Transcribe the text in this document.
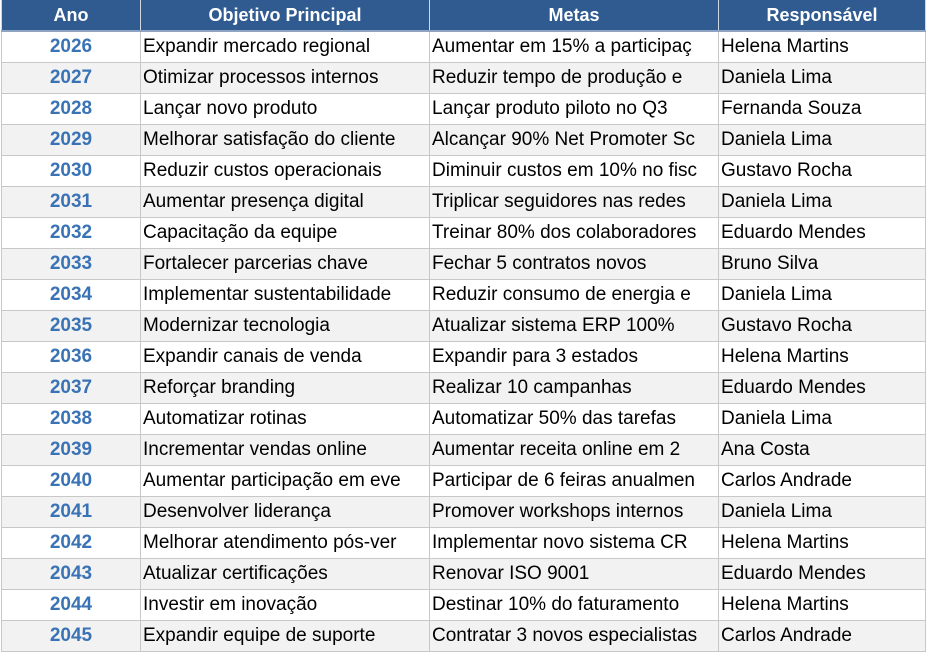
Ano	Objetivo Principal	Metas	Responsável
2026	Expandir mercado regional	Aumentar em 15% a participaç	Helena Martins
2027	Otimizar processos internos	Reduzir tempo de produção e	Daniela Lima
2028	Lançar novo produto	Lançar produto piloto no Q3	Fernanda Souza
2029	Melhorar satisfação do cliente	Alcançar 90% Net Promoter Sc	Daniela Lima
2030	Reduzir custos operacionais	Diminuir custos em 10% no fisc	Gustavo Rocha
2031	Aumentar presença digital	Triplicar seguidores nas redes	Daniela Lima
2032	Capacitação da equipe	Treinar 80% dos colaboradores	Eduardo Mendes
2033	Fortalecer parcerias chave	Fechar 5 contratos novos	Bruno Silva
2034	Implementar sustentabilidade	Reduzir consumo de energia e	Daniela Lima
2035	Modernizar tecnologia	Atualizar sistema ERP 100%	Gustavo Rocha
2036	Expandir canais de venda	Expandir para 3 estados	Helena Martins
2037	Reforçar branding	Realizar 10 campanhas	Eduardo Mendes
2038	Automatizar rotinas	Automatizar 50% das tarefas	Daniela Lima
2039	Incrementar vendas online	Aumentar receita online em 2	Ana Costa
2040	Aumentar participação em eve	Participar de 6 feiras anualmen	Carlos Andrade
2041	Desenvolver liderança	Promover workshops internos	Daniela Lima
2042	Melhorar atendimento pós-ver	Implementar novo sistema CR	Helena Martins
2043	Atualizar certificações	Renovar ISO 9001	Eduardo Mendes
2044	Investir em inovação	Destinar 10% do faturamento	Helena Martins
2045	Expandir equipe de suporte	Contratar 3 novos especialistas	Carlos Andrade
